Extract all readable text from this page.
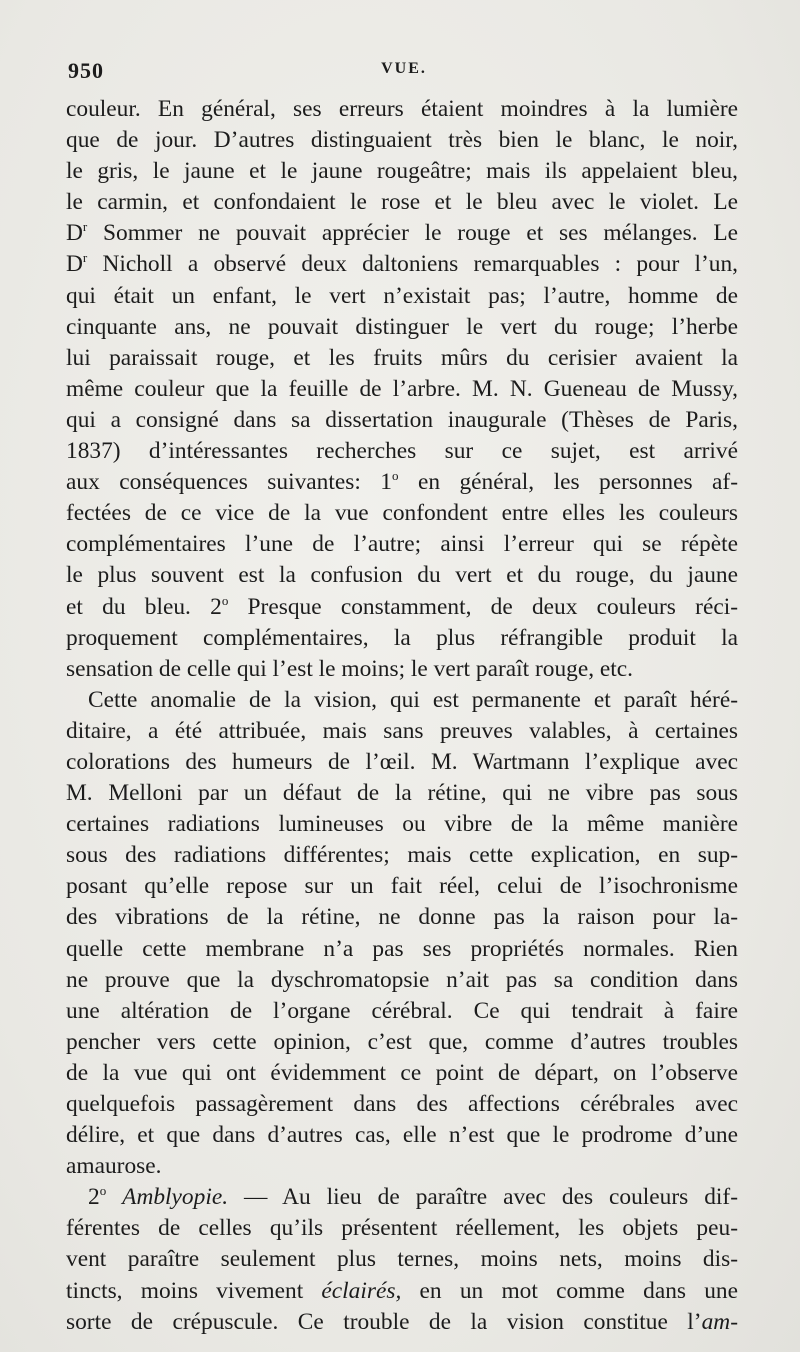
950	VUE.
couleur. En général, ses erreurs étaient moindres à la lumière
que de jour. D’autres distinguaient très bien le blanc, le noir,
le gris, le jaune et le jaune rougeâtre; mais ils appelaient bleu,
le carmin, et confondaient le rose et le bleu avec le violet. Le
$D^r$ Sommer ne pouvait apprécier le rouge et ses mélanges. Le
$D^r$ Nicholl a observé deux daltoniens remarquables : pour l’un,
qui était un enfant, le vert n’existait pas; l’autre, homme de
cinquante ans, ne pouvait distinguer le vert du rouge; l’herbe
lui paraissait rouge, et les fruits mûrs du cerisier avaient la
même couleur que la feuille de l’arbre. M. N. Gueneau de Mussy,
qui a consigné dans sa dissertation inaugurale (Thèses de Paris,
1837) d’intéressantes recherches sur ce sujet, est arrivé
aux conséquences suivantes: 1$^o$ en général, les personnes af-
fectées de ce vice de la vue confondent entre elles les couleurs
complémentaires l’une de l’autre; ainsi l’erreur qui se répète
le plus souvent est la confusion du vert et du rouge, du jaune
et du bleu. 2$^o$ Presque constamment, de deux couleurs réci-
proquement complémentaires, la plus réfrangible produit la
sensation de celle qui l’est le moins; le vert paraît rouge, etc.
Cette anomalie de la vision, qui est permanente et paraît héré-
ditaire, a été attribuée, mais sans preuves valables, à certaines
colorations des humeurs de l’œil. M. Wartmann l’explique avec
M. Melloni par un défaut de la rétine, qui ne vibre pas sous
certaines radiations lumineuses ou vibre de la même manière
sous des radiations différentes; mais cette explication, en sup-
posant qu’elle repose sur un fait réel, celui de l’isochronisme
des vibrations de la rétine, ne donne pas la raison pour la-
quelle cette membrane n’a pas ses propriétés normales. Rien
ne prouve que la dyschromatopsie n’ait pas sa condition dans
une altération de l’organe cérébral. Ce qui tendrait à faire
pencher vers cette opinion, c’est que, comme d’autres troubles
de la vue qui ont évidemment ce point de départ, on l’observe
quelquefois passagèrement dans des affections cérébrales avec
délire, et que dans d’autres cas, elle n’est que le prodrome d’une
amaurose.
2$^o$ Amblyopie. — Au lieu de paraître avec des couleurs dif-
férentes de celles qu’ils présentent réellement, les objets peu-
vent paraître seulement plus ternes, moins nets, moins dis-
tincts, moins vivement éclairés, en un mot comme dans une
sorte de crépuscule. Ce trouble de la vision constitue l’am-
